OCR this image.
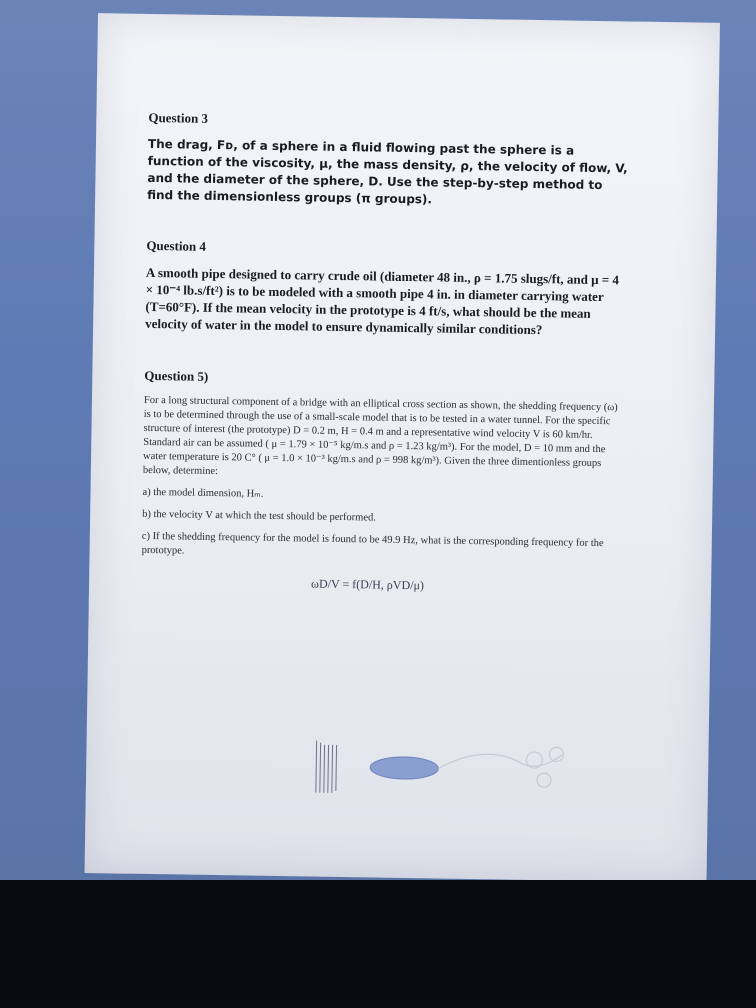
Question 3

The drag, Fᴅ, of a sphere in a fluid flowing past the sphere is a function of the viscosity, μ, the mass density, ρ, the velocity of flow, V, and the diameter of the sphere, D. Use the step-by-step method to find the dimensionless groups (π groups).

Question 4

A smooth pipe designed to carry crude oil (diameter 48 in., ρ = 1.75 slugs/ft, and μ = 4 × 10⁻⁴ lb.s/ft²) is to be modeled with a smooth pipe 4 in. in diameter carrying water (T=60°F). If the mean velocity in the prototype is 4 ft/s, what should be the mean velocity of water in the model to ensure dynamically similar conditions?

Question 5)

For a long structural component of a bridge with an elliptical cross section as shown, the shedding frequency (ω) is to be determined through the use of a small-scale model that is to be tested in a water tunnel. For the specific structure of interest (the prototype) D = 0.2 m, H = 0.4 m and a representative wind velocity V is 60 km/hr. Standard air can be assumed ( μ = 1.79 × 10⁻⁵ kg/m.s and ρ = 1.23 kg/m³). For the model, D = 10 mm and the water temperature is 20 C° ( μ = 1.0 × 10⁻³ kg/m.s and ρ = 998 kg/m³). Given the three dimentionless groups below, determine:

a) the model dimension, Hₘ.

b) the velocity V at which the test should be performed.

c) If the shedding frequency for the model is found to be 49.9 Hz, what is the corresponding frequency for the prototype.

ωD/V = f(D/H, ρVD/μ)
